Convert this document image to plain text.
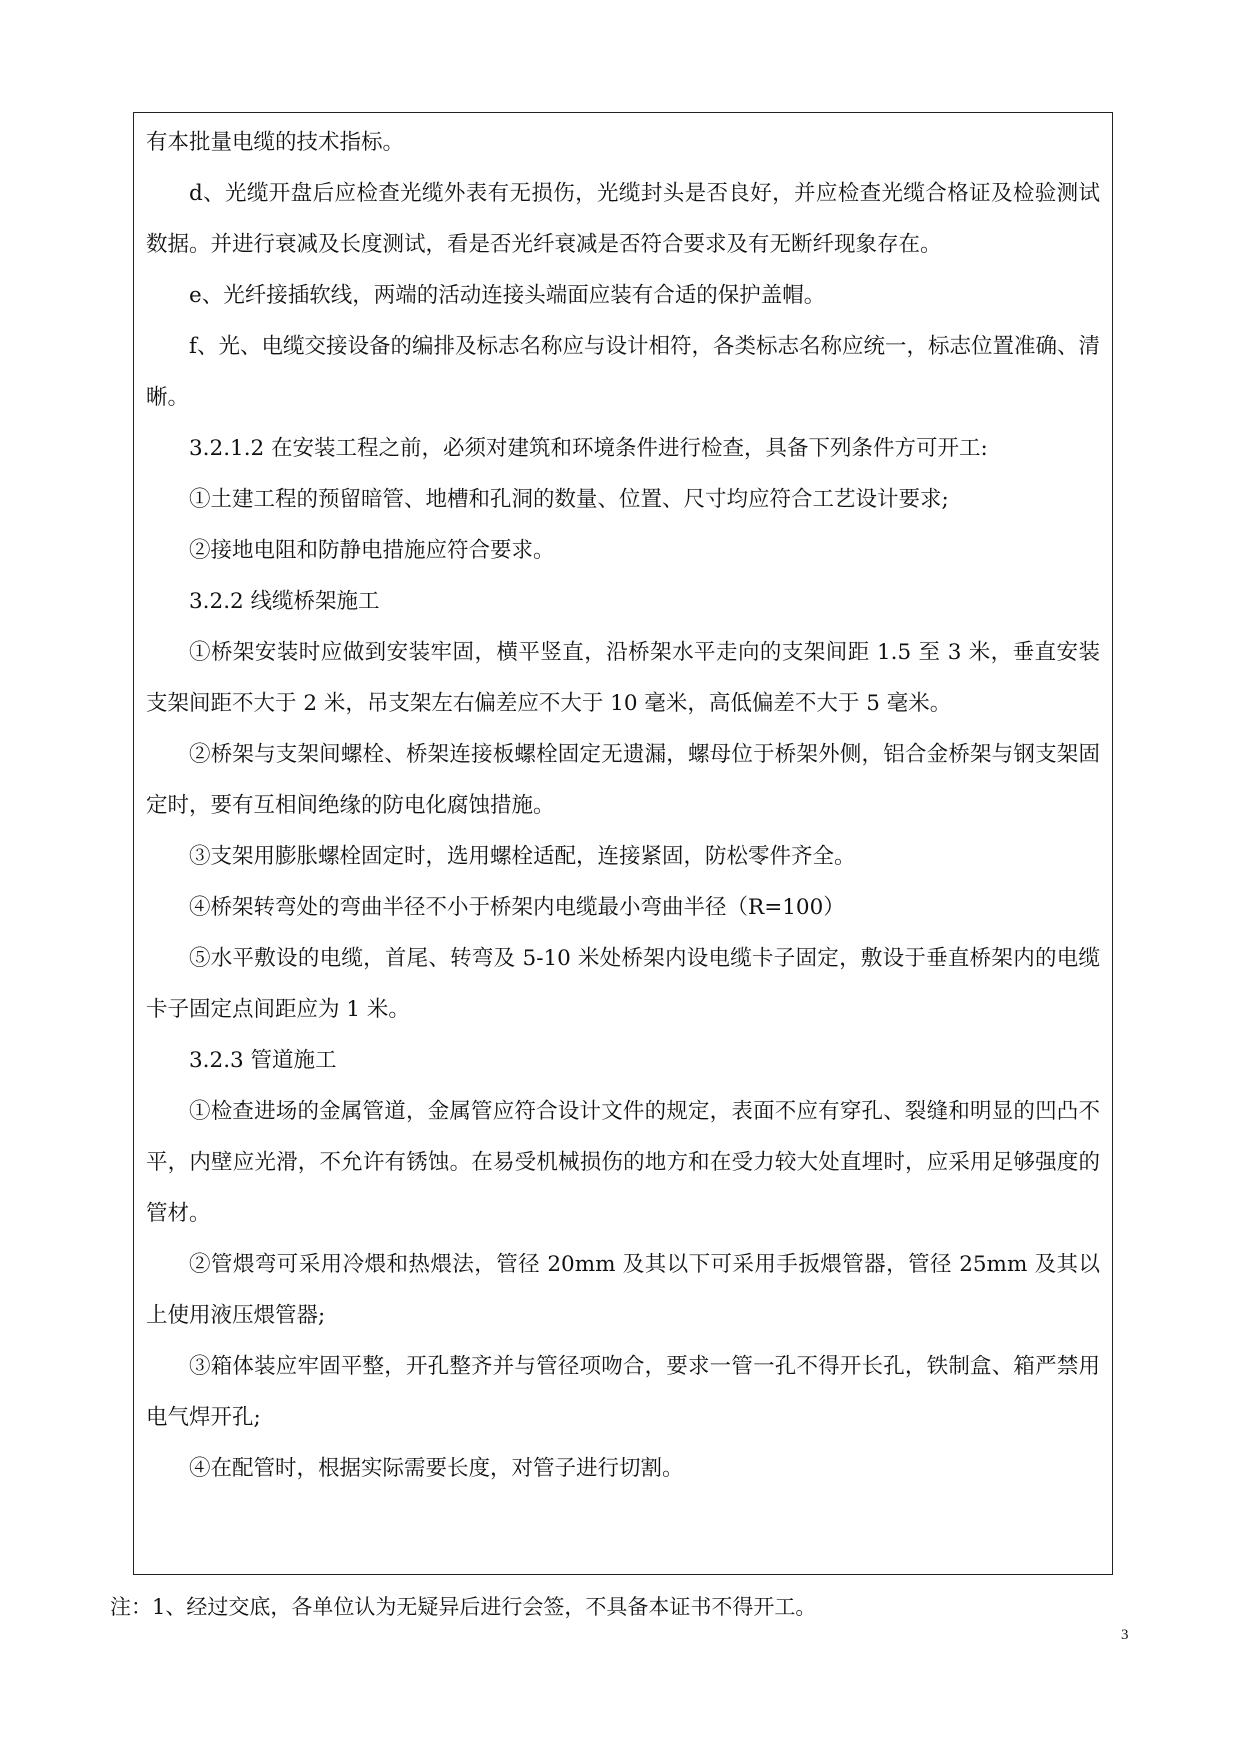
有本批量电缆的技术指标。

d、光缆开盘后应检查光缆外表有无损伤，光缆封头是否良好，并应检查光缆合格证及检验测试数据。并进行衰减及长度测试，看是否光纤衰减是否符合要求及有无断纤现象存在。

e、光纤接插软线，两端的活动连接头端面应装有合适的保护盖帽。

f、光、电缆交接设备的编排及标志名称应与设计相符，各类标志名称应统一，标志位置准确、清晰。

3.2.1.2 在安装工程之前，必须对建筑和环境条件进行检查，具备下列条件方可开工:

①土建工程的预留暗管、地槽和孔洞的数量、位置、尺寸均应符合工艺设计要求;

②接地电阻和防静电措施应符合要求。

3.2.2 线缆桥架施工

①桥架安装时应做到安装牢固，横平竖直，沿桥架水平走向的支架间距 1.5 至 3 米，垂直安装支架间距不大于 2 米，吊支架左右偏差应不大于 10 毫米，高低偏差不大于 5 毫米。

②桥架与支架间螺栓、桥架连接板螺栓固定无遗漏，螺母位于桥架外侧，铝合金桥架与钢支架固定时，要有互相间绝缘的防电化腐蚀措施。

③支架用膨胀螺栓固定时，选用螺栓适配，连接紧固，防松零件齐全。

④桥架转弯处的弯曲半径不小于桥架内电缆最小弯曲半径（R=100）

⑤水平敷设的电缆，首尾、转弯及 5-10 米处桥架内设电缆卡子固定，敷设于垂直桥架内的电缆卡子固定点间距应为 1 米。

3.2.3 管道施工

①检查进场的金属管道，金属管应符合设计文件的规定，表面不应有穿孔、裂缝和明显的凹凸不平，内壁应光滑，不允许有锈蚀。在易受机械损伤的地方和在受力较大处直埋时，应采用足够强度的管材。

②管煨弯可采用冷煨和热煨法，管径 20mm 及其以下可采用手扳煨管器，管径 25mm 及其以上使用液压煨管器;

③箱体装应牢固平整，开孔整齐并与管径项吻合，要求一管一孔不得开长孔，铁制盒、箱严禁用电气焊开孔;

④在配管时，根据实际需要长度，对管子进行切割。

注：1、经过交底，各单位认为无疑异后进行会签，不具备本证书不得开工。

3
